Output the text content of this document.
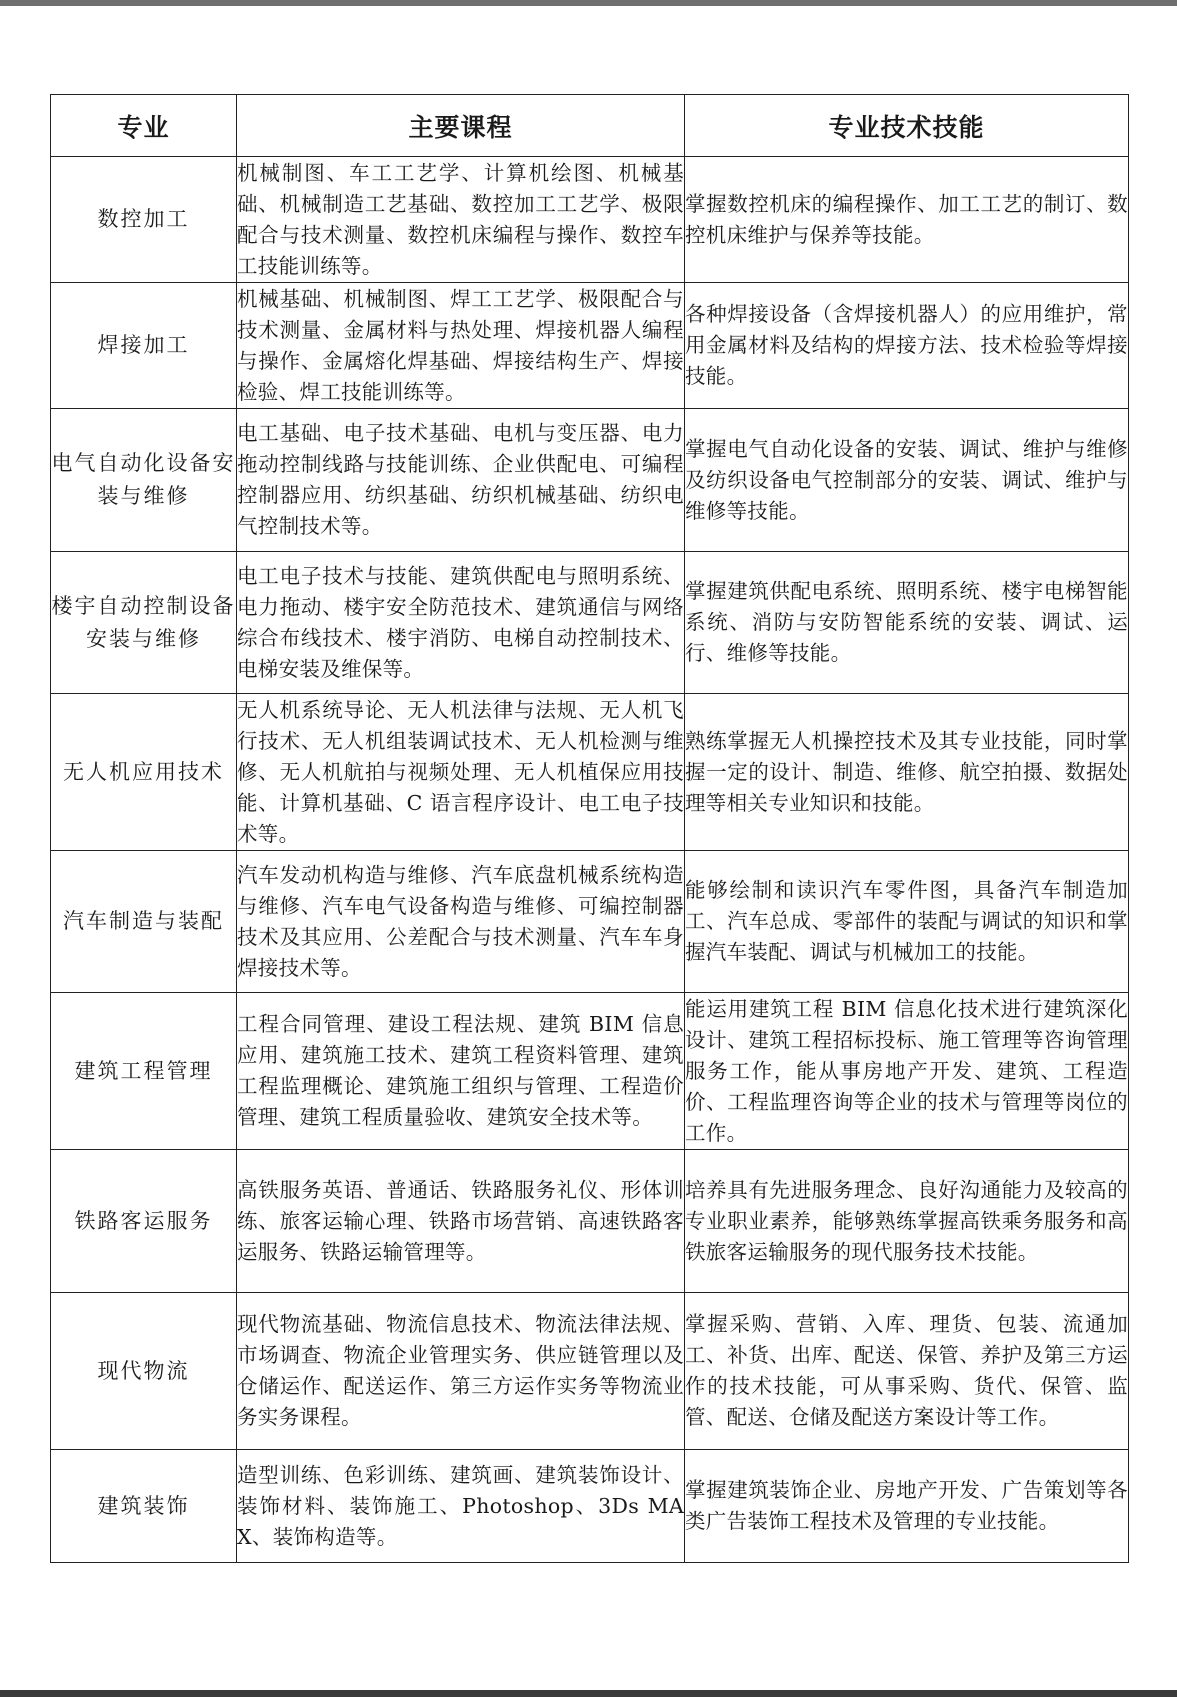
专业	主要课程	专业技术技能
数控加工	机械制图、车工工艺学、计算机绘图、机械基础、机械制造工艺基础、数控加工工艺学、极限配合与技术测量、数控机床编程与操作、数控车工技能训练等。	掌握数控机床的编程操作、加工工艺的制订、数控机床维护与保养等技能。
焊接加工	机械基础、机械制图、焊工工艺学、极限配合与技术测量、金属材料与热处理、焊接机器人编程与操作、金属熔化焊基础、焊接结构生产、焊接检验、焊工技能训练等。	各种焊接设备（含焊接机器人）的应用维护，常用金属材料及结构的焊接方法、技术检验等焊接技能。
电气自动化设备安装与维修	电工基础、电子技术基础、电机与变压器、电力拖动控制线路与技能训练、企业供配电、可编程控制器应用、纺织基础、纺织机械基础、纺织电气控制技术等。	掌握电气自动化设备的安装、调试、维护与维修及纺织设备电气控制部分的安装、调试、维护与维修等技能。
楼宇自动控制设备安装与维修	电工电子技术与技能、建筑供配电与照明系统、电力拖动、楼宇安全防范技术、建筑通信与网络综合布线技术、楼宇消防、电梯自动控制技术、电梯安装及维保等。	掌握建筑供配电系统、照明系统、楼宇电梯智能系统、消防与安防智能系统的安装、调试、运行、维修等技能。
无人机应用技术	无人机系统导论、无人机法律与法规、无人机飞行技术、无人机组装调试技术、无人机检测与维修、无人机航拍与视频处理、无人机植保应用技能、计算机基础、C 语言程序设计、电工电子技术等。	熟练掌握无人机操控技术及其专业技能，同时掌握一定的设计、制造、维修、航空拍摄、数据处理等相关专业知识和技能。
汽车制造与装配	汽车发动机构造与维修、汽车底盘机械系统构造与维修、汽车电气设备构造与维修、可编控制器技术及其应用、公差配合与技术测量、汽车车身焊接技术等。	能够绘制和读识汽车零件图，具备汽车制造加工、汽车总成、零部件的装配与调试的知识和掌握汽车装配、调试与机械加工的技能。
建筑工程管理	工程合同管理、建设工程法规、建筑 BIM 信息应用、建筑施工技术、建筑工程资料管理、建筑工程监理概论、建筑施工组织与管理、工程造价管理、建筑工程质量验收、建筑安全技术等。	能运用建筑工程 BIM 信息化技术进行建筑深化设计、建筑工程招标投标、施工管理等咨询管理服务工作，能从事房地产开发、建筑、工程造价、工程监理咨询等企业的技术与管理等岗位的工作。
铁路客运服务	高铁服务英语、普通话、铁路服务礼仪、形体训练、旅客运输心理、铁路市场营销、高速铁路客运服务、铁路运输管理等。	培养具有先进服务理念、良好沟通能力及较高的专业职业素养，能够熟练掌握高铁乘务服务和高铁旅客运输服务的现代服务技术技能。
现代物流	现代物流基础、物流信息技术、物流法律法规、市场调查、物流企业管理实务、供应链管理以及仓储运作、配送运作、第三方运作实务等物流业务实务课程。	掌握采购、营销、入库、理货、包装、流通加工、补货、出库、配送、保管、养护及第三方运作的技术技能，可从事采购、货代、保管、监管、配送、仓储及配送方案设计等工作。
建筑装饰	造型训练、色彩训练、建筑画、建筑装饰设计、装饰材料、装饰施工、Photoshop、3Ds MAX、装饰构造等。	掌握建筑装饰企业、房地产开发、广告策划等各类广告装饰工程技术及管理的专业技能。
